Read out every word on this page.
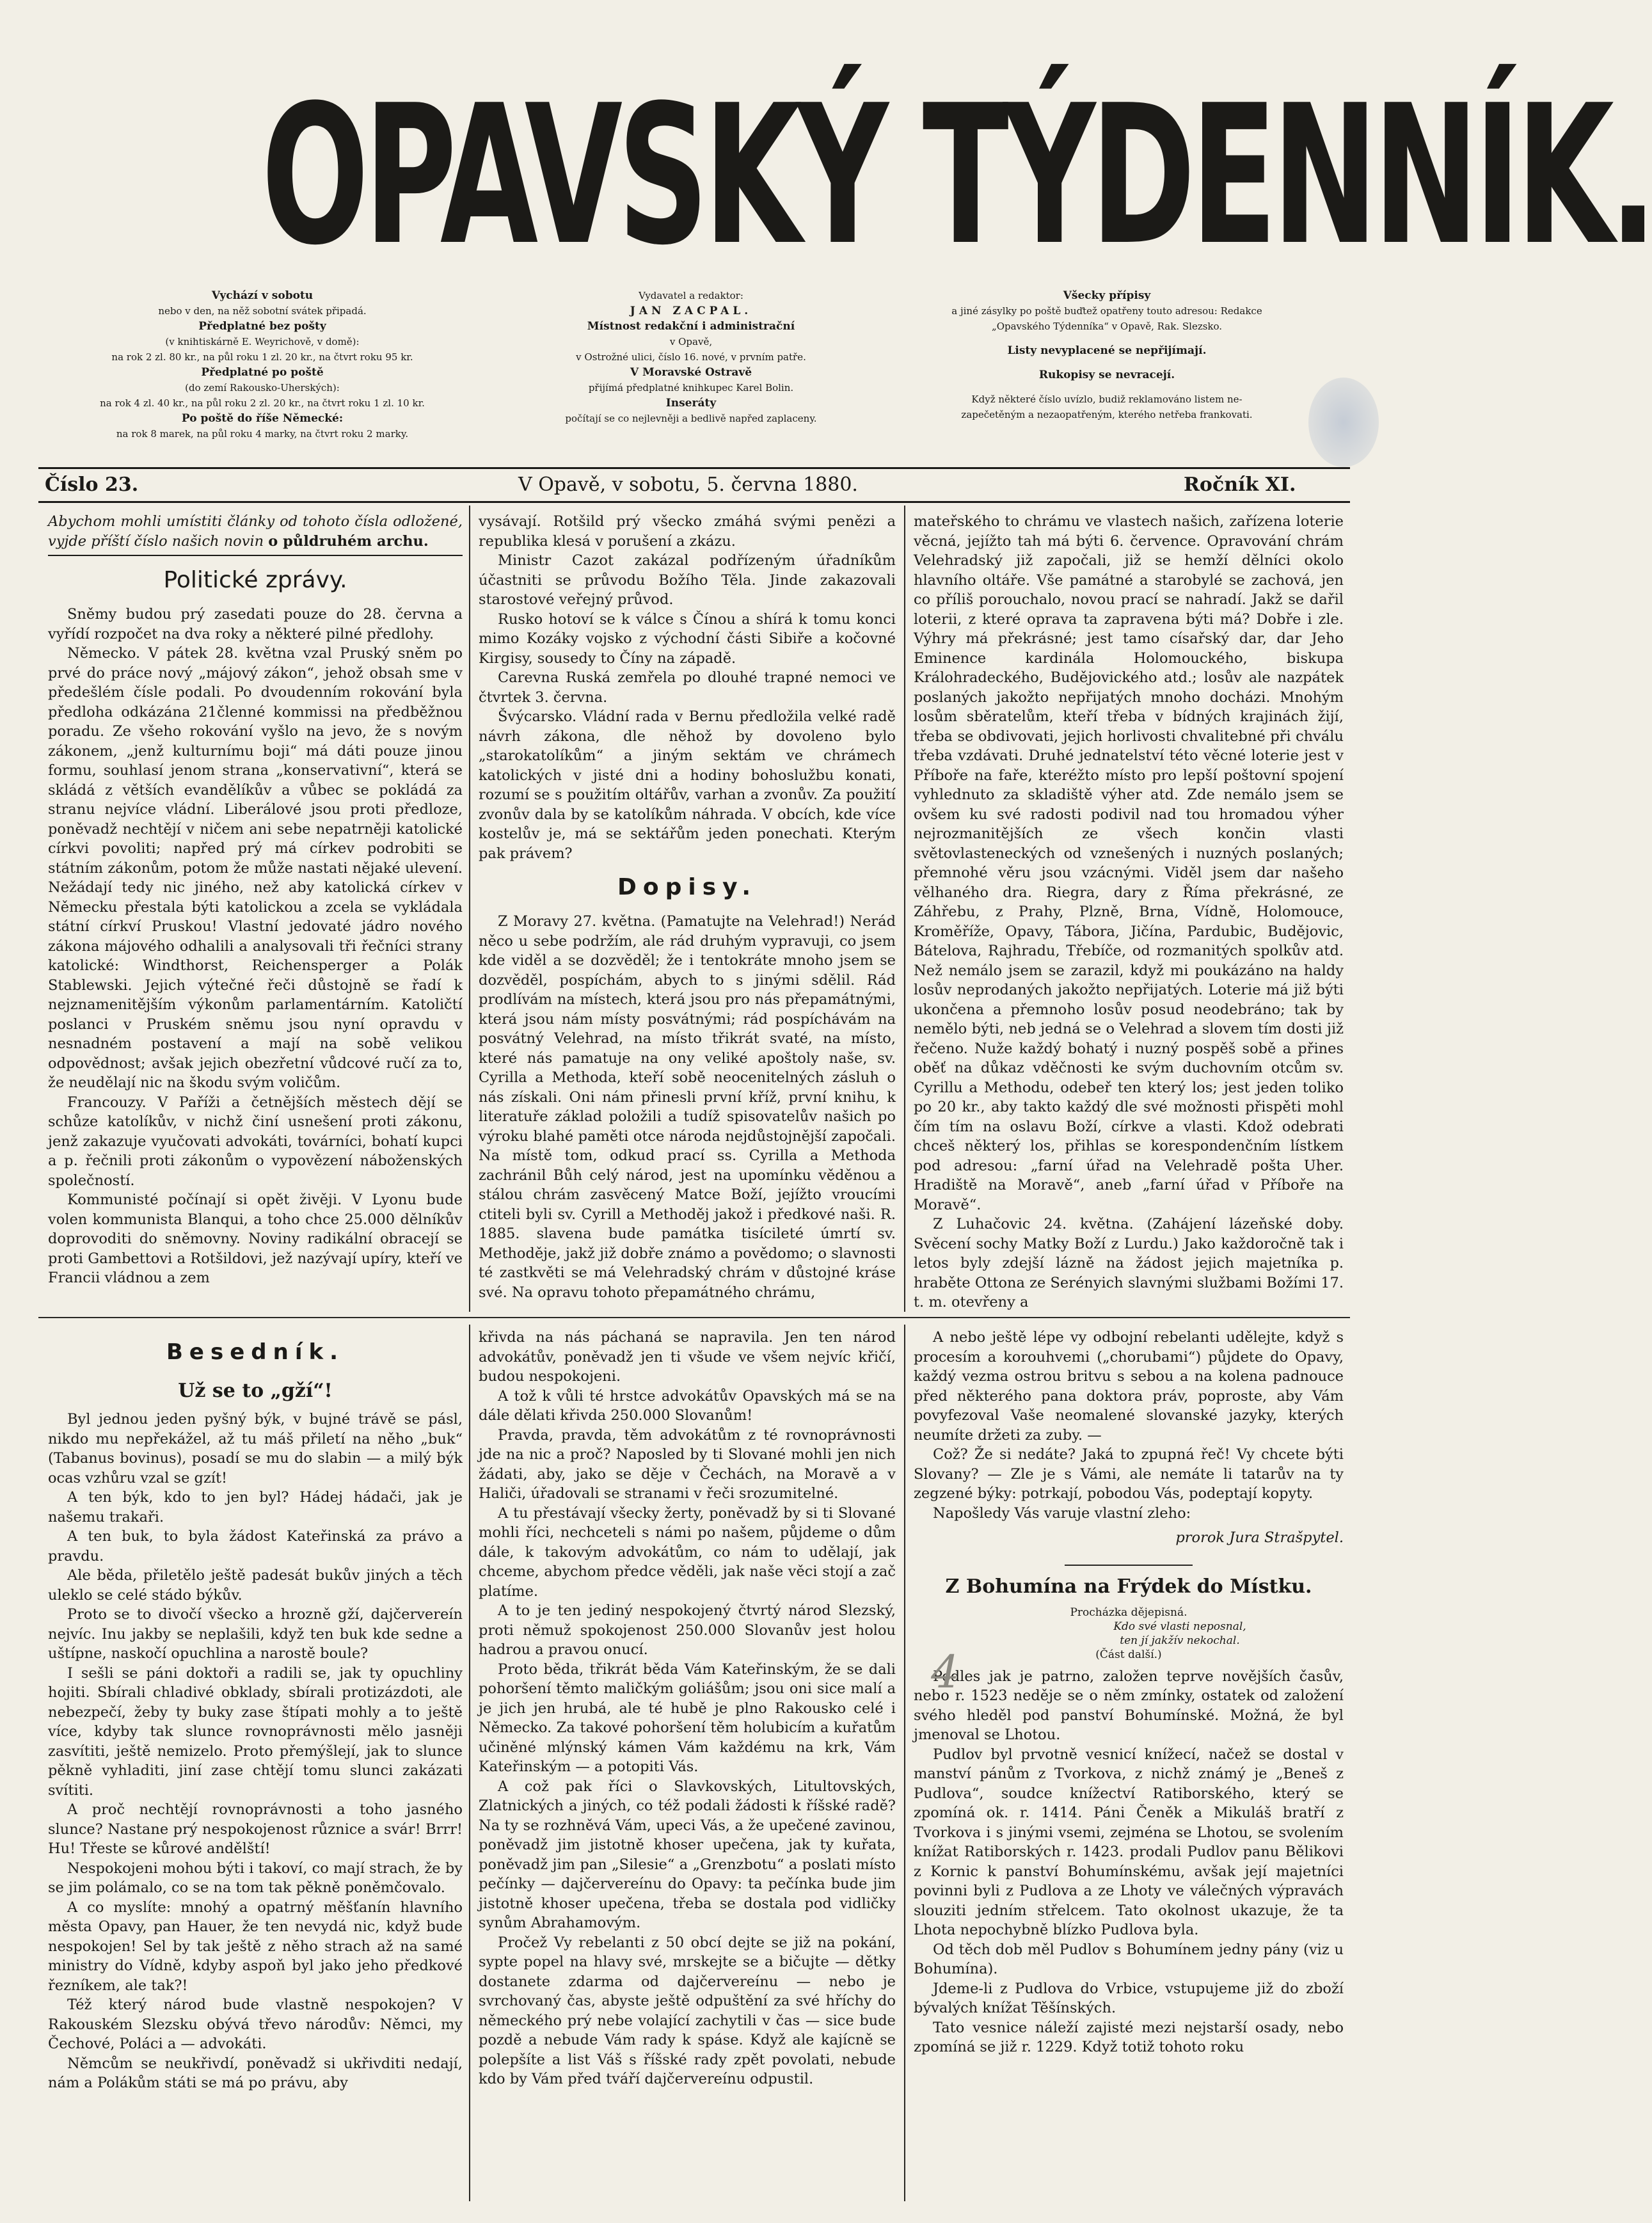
OPAVSKÝ TÝDENNÍK.
Vychází v sobotu
nebo v den, na něž sobotní svátek připadá.
Předplatné bez pošty
(v knihtiskárně E. Weyrichově, v domě):
na rok 2 zl. 80 kr., na půl roku 1 zl. 20 kr., na čtvrt roku 95 kr.
Předplatné po poště
(do zemí Rakousko-Uherských):
na rok 4 zl. 40 kr., na půl roku 2 zl. 20 kr., na čtvrt roku 1 zl. 10 kr.
Po poště do říše Německé:
na rok 8 marek, na půl roku 4 marky, na čtvrt roku 2 marky.
Vydavatel a redaktor:
JAN ZACPAL.
Místnost redakční i administrační
v Opavě,
v Ostrožné ulici, číslo 16. nové, v prvním patře.
V Moravské Ostravě
přijímá předplatné knihkupec Karel Bolin.
Inseráty
počítají se co nejlevněji a bedlivě napřed zaplaceny.
Všecky přípisy
a jiné zásylky po poště buďtež opatřeny touto adresou: Redakce
„Opavského Týdenníka“ v Opavě, Rak. Slezsko.
Listy nevyplacené se nepřijímají.
Rukopisy se nevracejí.
Když některé číslo uvízlo, budiž reklamováno listem ne-
zapečetěným a nezaopatřeným, kterého netřeba frankovati.
Číslo 23.	V Opavě, v sobotu, 5. června 1880.	Ročník XI.

Abychom mohli umístiti články od tohoto čísla odložené, vyjde příští číslo našich novin o půldruhém archu.

Politické zprávy.

Sněmy budou prý zasedati pouze do 28. června a vyřídí rozpočet na dva roky a některé pilné předlohy.

Německo. V pátek 28. května vzal Pruský sněm po prvé do práce nový „májový zákon“, jehož obsah sme v předešlém čísle podali. Po dvoudenním rokování byla předloha odkázána 21členné kommissi na předběžnou poradu. Ze všeho rokování vyšlo na jevo, že s novým zákonem, „jenž kulturnímu boji“ má dáti pouze jinou formu, souhlasí jenom strana „konservativní“, která se skládá z větších evandělíkův a vůbec se pokládá za stranu nejvíce vládní. Liberálové jsou proti předloze, poněvadž nechtějí v ničem ani sebe nepatrněji katolické církvi povoliti; napřed prý má církev podrobiti se státním zákonům, potom že může nastati nějaké ulevení. Nežádají tedy nic jiného, než aby katolická církev v Německu přestala býti katolickou a zcela se vykládala státní církví Pruskou! Vlastní jedovaté jádro nového zákona májového odhalili a analysovali tři řečníci strany katolické: Windthorst, Reichensperger a Polák Stablewski. Jejich výtečné řeči důstojně se řadí k nejznamenitějším výkonům parlamentárním. Katoličtí poslanci v Pruském sněmu jsou nyní opravdu v nesnadném postavení a mají na sobě velikou odpovědnost; avšak jejich obezřetní vůdcové ručí za to, že neudělají nic na škodu svým voličům.

Francouzy. V Paříži a četnějších městech dějí se schůze katolíkův, v nichž činí usnešení proti zákonu, jenž zakazuje vyučovati advokáti, továrníci, bohatí kupci a p. řečnili proti zákonům o vypovězení náboženských společností.

Kommunisté počínají si opět živěji. V Lyonu bude volen kommunista Blanqui, a toho chce 25.000 dělníkův doprovoditi do sněmovny. Noviny radikální obracejí se proti Gambettovi a Rotšildovi, jež nazývají upíry, kteří ve Francii vládnou a zem

vysávají. Rotšild prý všecko zmáhá svými penězi a republika klesá v porušení a zkázu.

Ministr Cazot zakázal podřízeným úřadníkům účastniti se průvodu Božího Těla. Jinde zakazovali starostové veřejný průvod.

Rusko hotoví se k válce s Čínou a shírá k tomu konci mimo Kozáky vojsko z východní části Sibiře a kočovné Kirgisy, sousedy to Číny na západě.

Carevna Ruská zemřela po dlouhé trapné nemoci ve čtvrtek 3. června.

Švýcarsko. Vládní rada v Bernu předložila velké radě návrh zákona, dle něhož by dovoleno bylo „starokatolíkům“ a jiným sektám ve chrámech katolických v jisté dni a hodiny bohoslužbu konati, rozumí se s použitím oltářův, varhan a zvonův. Za použití zvonův dala by se katolíkům náhrada. V obcích, kde více kostelův je, má se sektářům jeden ponechati. Kterým pak právem?

Dopisy.

Z Moravy 27. května. (Pamatujte na Velehrad!) Nerád něco u sebe podržím, ale rád druhým vypravuji, co jsem kde viděl a se dozvěděl; že i tentokráte mnoho jsem se dozvěděl, pospíchám, abych to s jinými sdělil. Rád prodlívám na místech, která jsou pro nás přepamátnými, která jsou nám místy posvátnými; rád pospíchávám na posvátný Velehrad, na místo třikrát svaté, na místo, které nás pamatuje na ony veliké apoštoly naše, sv. Cyrilla a Methoda, kteří sobě neocenitelných zásluh o nás získali. Oni nám přinesli první kříž, první knihu, k literatuře základ položili a tudíž spisovatelův našich po výroku blahé paměti otce národa nejdůstojnější započali. Na místě tom, odkud prací ss. Cyrilla a Methoda zachránil Bůh celý národ, jest na upomínku věděnou a stálou chrám zasvěcený Matce Boží, jejížto vroucími ctiteli byli sv. Cyrill a Methoděj jakož i předkové naši. R. 1885. slavena bude památka tisícileté úmrtí sv. Methoděje, jakž již dobře známo a povědomo; o slavnosti té zastkvěti se má Velehradský chrám v důstojné kráse své. Na opravu tohoto přepamátného chrámu,

mateřského to chrámu ve vlastech našich, zařízena loterie věcná, jejížto tah má býti 6. července. Opravování chrám Velehradský již započali, již se hemží dělníci okolo hlavního oltáře. Vše památné a starobylé se zachová, jen co příliš porouchalo, novou prací se nahradí. Jakž se dařil loterii, z které oprava ta zapravena býti má? Dobře i zle. Výhry má překrásné; jest tamo císařský dar, dar Jeho Eminence kardinála Holomouckého, biskupa Králohradeckého, Budějovického atd.; losův ale nazpátek poslaných jakožto nepřijatých mnoho docházi. Mnohým losům sběratelům, kteří třeba v bídných krajinách žijí, třeba se obdivovati, jejich horlivosti chvalitebné při chválu třeba vzdávati. Druhé jednatelství této věcné loterie jest v Příboře na faře, kteréžto místo pro lepší poštovní spojení vyhlednuto za skladiště výher atd. Zde nemálo jsem se ovšem ku své radosti podivil nad tou hromadou výher nejrozmanitějších ze všech končin vlasti světovlasteneckých od vznešených i nuzných poslaných; přemnohé věru jsou vzácnými. Viděl jsem dar našeho vělhaného dra. Riegra, dary z Říma překrásné, ze Záhřebu, z Prahy, Plzně, Brna, Vídně, Holomouce, Kroměříže, Opavy, Tábora, Jičína, Pardubic, Budějovic, Bátelova, Rajhradu, Třebíče, od rozmanitých spolkův atd. Než nemálo jsem se zarazil, když mi poukázáno na haldy losův neprodaných jakožto nepřijatých. Loterie má již býti ukončena a přemnoho losův posud neodebráno; tak by nemělo býti, neb jedná se o Velehrad a slovem tím dosti již řečeno. Nuže každý bohatý i nuzný pospěš sobě a přines oběť na důkaz vděčnosti ke svým duchovním otcům sv. Cyrillu a Methodu, odebeř ten který los; jest jeden toliko po 20 kr., aby takto každý dle své možnosti přispěti mohl čím tím na oslavu Boží, církve a vlasti. Kdož odebrati chceš některý los, přihlas se korespondenčním lístkem pod adresou: „farní úřad na Velehradě pošta Uher. Hradiště na Moravě“, aneb „farní úřad v Příboře na Moravě“.

Z Luhačovic 24. května. (Zahájení lázeňské doby. Svěcení sochy Matky Boží z Lurdu.) Jako každoročně tak i letos byly zdejší lázně na žádost jejich majetníka p. hraběte Ottona ze Serényich slavnými službami Božími 17. t. m. otevřeny a

Besedník.
Už se to „gží“!

Byl jednou jeden pyšný býk, v bujné trávě se pásl, nikdo mu nepřekážel, až tu máš přiletí na něho „buk“ (Tabanus bovinus), posadí se mu do slabin — a milý býk ocas vzhůru vzal se gzít!

A ten býk, kdo to jen byl? Hádej hádači, jak je našemu trakaři.

A ten buk, to byla žádost Kateřinská za právo a pravdu.

Ale běda, přiletělo ještě padesát bukův jiných a těch uleklo se celé stádo býkův.

Proto se to divočí všecko a hrozně gží, dajčervereín nejvíc. Inu jakby se neplašili, když ten buk kde sedne a uštípne, naskočí opuchlina a narostě boule?

I sešli se páni doktoři a radili se, jak ty opuchliny hojiti. Sbírali chladivé obklady, sbírali protizázdoti, ale nebezpečí, žeby ty buky zase štípati mohly a to ještě více, kdyby tak slunce rovnoprávnosti mělo jasněji zasvítiti, ještě nemizelo. Proto přemýšlejí, jak to slunce pěkně vyhladiti, jiní zase chtějí tomu slunci zakázati svítiti.

A proč nechtějí rovnoprávnosti a toho jasného slunce? Nastane prý nespokojenost různice a svár! Brrr! Hu! Třeste se kůrové andělští!

Nespokojeni mohou býti i takoví, co mají strach, že by se jim polámalo, co se na tom tak pěkně poněmčovalo.

A co myslíte: mnohý a opatrný měšťanín hlavního města Opavy, pan Hauer, že ten nevydá nic, když bude nespokojen! Sel by tak ještě z něho strach až na samé ministry do Vídně, kdyby aspoň byl jako jeho předkové řezníkem, ale tak?!

Též který národ bude vlastně nespokojen? V Rakouském Slezsku obývá třevo národův: Němci, my Čechové, Poláci a — advokáti.

Němcům se neukřivdí, poněvadž si ukřivditi nedají, nám a Polákům státi se má po právu, aby

křivda na nás páchaná se napravila. Jen ten národ advokátův, poněvadž jen ti všude ve všem nejvíc křičí, budou nespokojeni.

A tož k vůli té hrstce advokátův Opavských má se na dále dělati křivda 250.000 Slovanům!

Pravda, pravda, těm advokátům z té rovnoprávnosti jde na nic a proč? Naposled by ti Slované mohli jen nich žádati, aby, jako se děje v Čechách, na Moravě a v Haliči, úřadovali se stranami v řeči srozumitelné.

A tu přestávají všecky žerty, poněvadž by si ti Slované mohli říci, nechceteli s námi po našem, půjdeme o dům dále, k takovým advokátům, co nám to udělají, jak chceme, abychom předce věděli, jak naše věci stojí a zač platíme.

A to je ten jediný nespokojený čtvrtý národ Slezský, proti němuž spokojenost 250.000 Slovanův jest holou hadrou a pravou onucí.

Proto běda, třikrát běda Vám Kateřinským, že se dali pohoršení těmto maličkým goliášům; jsou oni sice malí a je jich jen hrubá, ale té hubě je plno Rakousko celé i Německo. Za takové pohoršení těm holubicím a kuřatům učiněné mlýnský kámen Vám každému na krk, Vám Kateřinským — a potopiti Vás.

A což pak říci o Slavkovských, Litultovských, Zlatnických a jiných, co též podali žádosti k říšské radě? Na ty se rozhněvá Vám, upeci Vás, a že upečené zavinou, poněvadž jim jistotně khoser upečena, jak ty kuřata, poněvadž jim pan „Silesie“ a „Grenzbotu“ a poslati místo pečínky — dajčervereínu do Opavy: ta pečínka bude jim jistotně khoser upečena, třeba se dostala pod vidličky synům Abrahamovým.

Pročež Vy rebelanti z 50 obcí dejte se již na pokání, sypte popel na hlavy své, mrskejte se a bičujte — dětky dostanete zdarma od dajčervereínu — nebo je svrchovaný čas, abyste ještě odpuštění za své hříchy do německého prý nebe volající zachytili v čas — sice bude pozdě a nebude Vám rady k spáse. Když ale kajícně se polepšíte a list Váš s říšské rady zpět povolati, nebude kdo by Vám před tváří dajčervereínu odpustil.

A nebo ještě lépe vy odbojní rebelanti udělejte, když s procesím a korouhvemi („chorubami“) půjdete do Opavy, každý vezma ostrou britvu s sebou a na kolena padnouce před některého pana doktora práv, poproste, aby Vám povyfezoval Vaše neomalené slovanské jazyky, kterých neumíte držeti za zuby. —

Což? Že si nedáte? Jaká to zpupná řeč! Vy chcete býti Slovany? — Zle je s Vámi, ale nemáte li tatarův na ty zegzené býky: potrkají, pobodou Vás, podeptají kopyty.

Napošledy Vás varuje vlastní zleho:

prorok Jura Strašpytel.
Z Bohumína na Frýdek do Místku.
Procházka dějepisná.
Kdo své vlasti neposnal,
ten jí jakžív nekochal.
(Část další.)

Podles jak je patrno, založen teprve novějších časův, nebo r. 1523 neděje se o něm zmínky, ostatek od založení svého hleděl pod panství Bohumínské. Možná, že byl jmenoval se Lhotou.

Pudlov byl prvotně vesnicí knížecí, načež se dostal v manství pánům z Tvorkova, z nichž známý je „Beneš z Pudlova“, soudce knížectví Ratiborského, který se zpomíná ok. r. 1414. Páni Čeněk a Mikuláš bratří z Tvorkova i s jinými vsemi, zejména se Lhotou, se svolením knížat Ratiborských r. 1423. prodali Pudlov panu Bělikovi z Kornic k panství Bohumínskému, avšak její majetníci povinni byli z Pudlova a ze Lhoty ve válečných výpravách slouziti jedním střelcem. Tato okolnost ukazuje, že ta Lhota nepochybně blízko Pudlova byla.

Od těch dob měl Pudlov s Bohumínem jedny pány (viz u Bohumína).

Jdeme-li z Pudlova do Vrbice, vstupujeme již do zboží bývalých knížat Těšínských.

Tato vesnice náleží zajisté mezi nejstarší osady, nebo zpomíná se již r. 1229. Když totiž tohoto roku

4
